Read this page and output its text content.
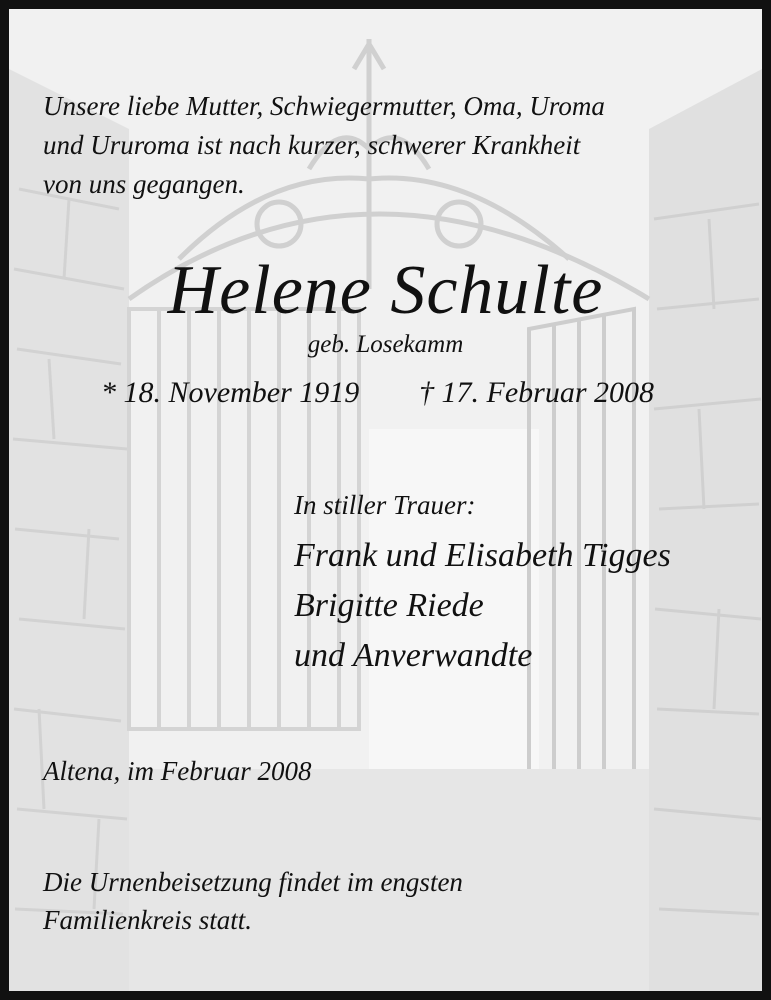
Unsere liebe Mutter, Schwiegermutter, Oma, Uroma
und Ururoma ist nach kurzer, schwerer Krankheit
von uns gegangen.
Helene Schulte
geb. Losekamm
* 18. November 1919 † 17. Februar 2008
In stiller Trauer:
Frank und Elisabeth Tigges
Brigitte Riede
und Anverwandte
Altena, im Februar 2008
Die Urnenbeisetzung findet im engsten
Familienkreis statt.
